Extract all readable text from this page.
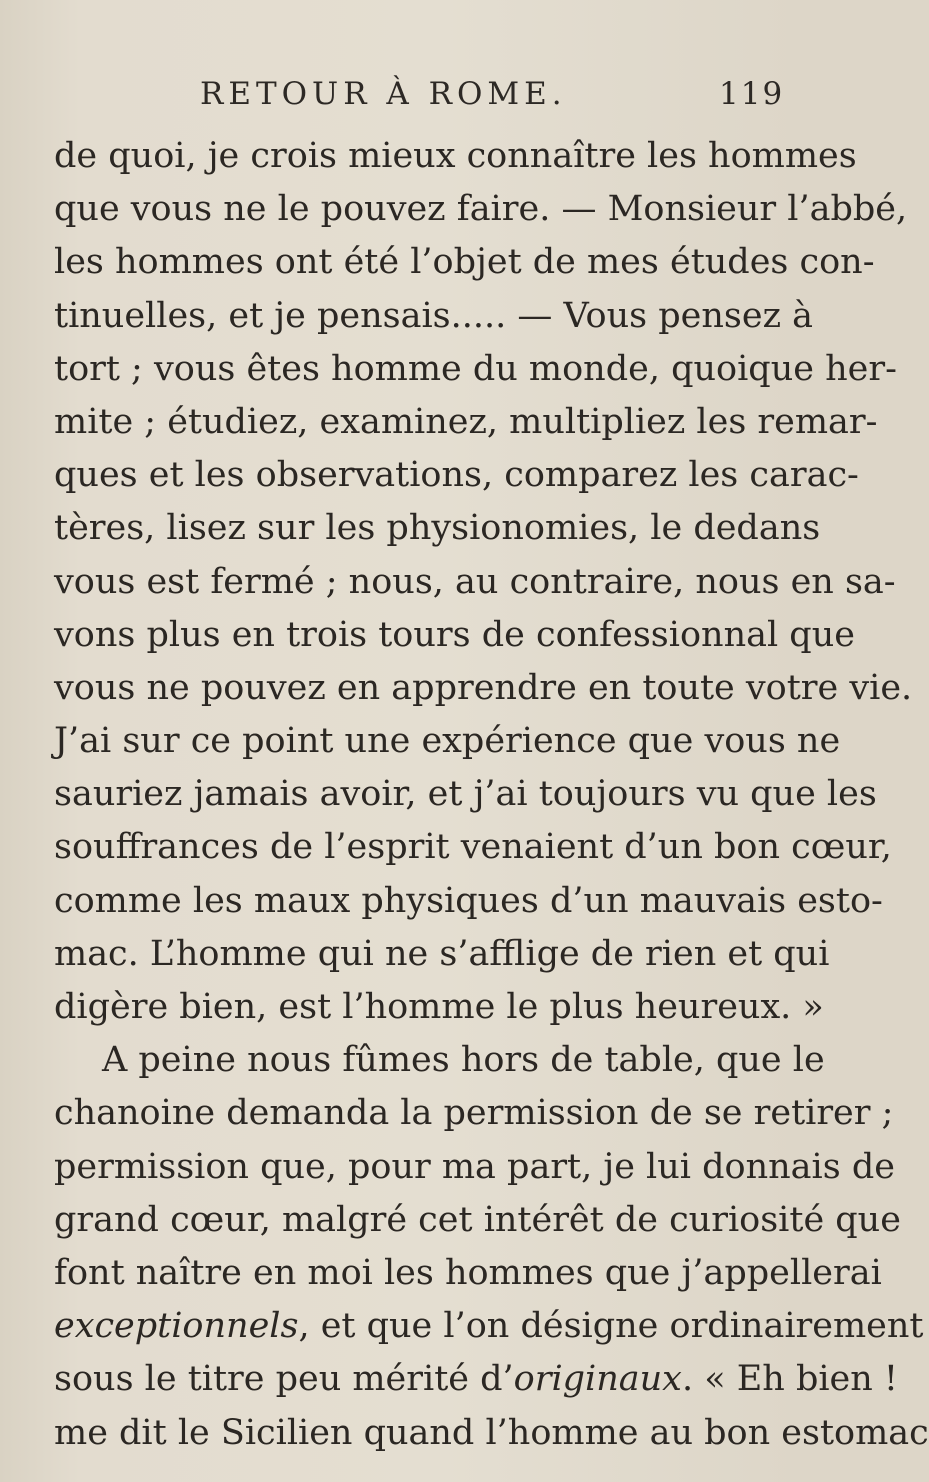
RETOUR À ROME.	119
de quoi, je crois mieux connaître les hommes
que vous ne le pouvez faire. — Monsieur l’abbé,
les hommes ont été l’objet de mes études con-
tinuelles, et je pensais..... — Vous pensez à
tort ; vous êtes homme du monde, quoique her-
mite ; étudiez, examinez, multipliez les remar-
ques et les observations, comparez les carac-
tères, lisez sur les physionomies, le dedans
vous est fermé ; nous, au contraire, nous en sa-
vons plus en trois tours de confessionnal que
vous ne pouvez en apprendre en toute votre vie.
J’ai sur ce point une expérience que vous ne
sauriez jamais avoir, et j’ai toujours vu que les
souffrances de l’esprit venaient d’un bon cœur,
comme les maux physiques d’un mauvais esto-
mac. L’homme qui ne s’afflige de rien et qui
digère bien, est l’homme le plus heureux. »
A peine nous fûmes hors de table, que le
chanoine demanda la permission de se retirer ;
permission que, pour ma part, je lui donnais de
grand cœur, malgré cet intérêt de curiosité que
font naître en moi les hommes que j’appellerai
exceptionnels, et que l’on désigne ordinairement
sous le titre peu mérité d’originaux. « Eh bien !
me dit le Sicilien quand l’homme au bon estomac
